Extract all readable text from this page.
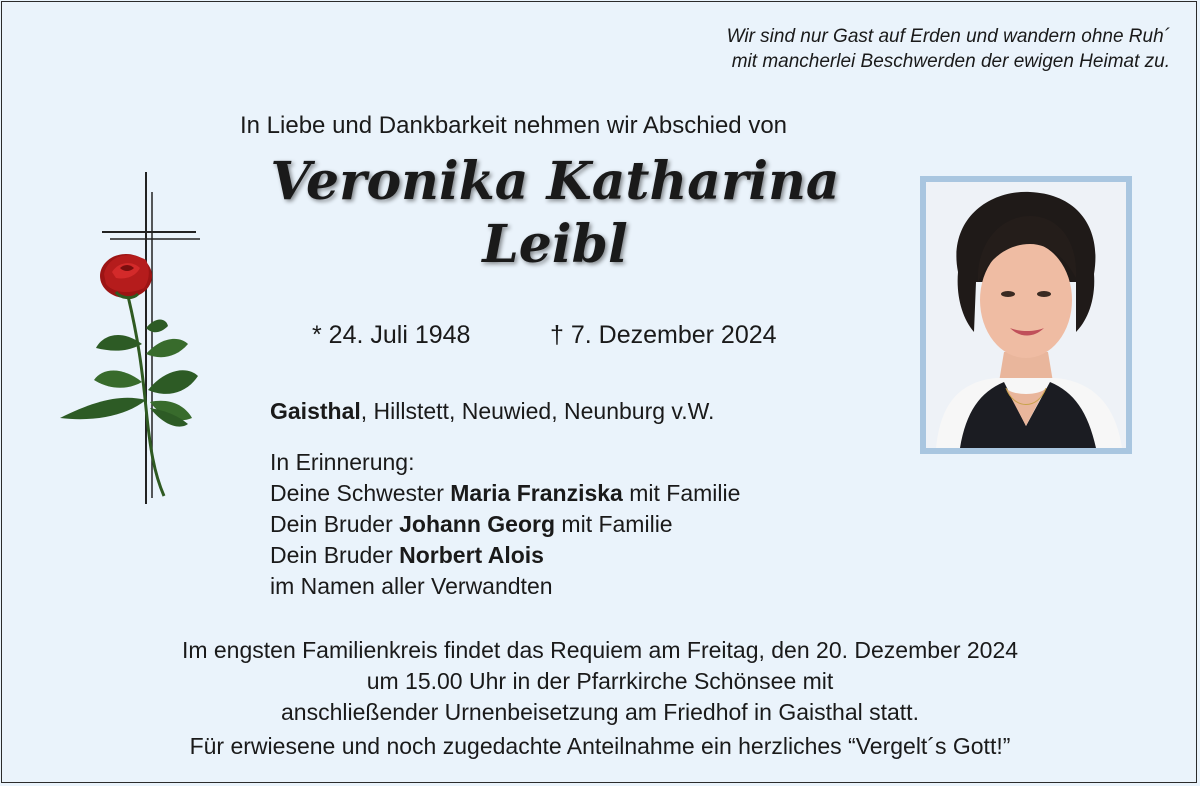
Wir sind nur Gast auf Erden und wandern ohne Ruh´
mit mancherlei Beschwerden der ewigen Heimat zu.
In Liebe und Dankbarkeit nehmen wir Abschied von
Veronika Katharina
Leibl
* 24. Juli 1948	† 7. Dezember 2024
Gaisthal, Hillstett, Neuwied, Neunburg v.W.
In Erinnerung:
Deine Schwester Maria Franziska mit Familie
Dein Bruder Johann Georg mit Familie
Dein Bruder Norbert Alois
im Namen aller Verwandten
Im engsten Familienkreis findet das Requiem am Freitag, den 20. Dezember 2024
um 15.00 Uhr in der Pfarrkirche Schönsee mit
anschließender Urnenbeisetzung am Friedhof in Gaisthal statt.
Für erwiesene und noch zugedachte Anteilnahme ein herzliches “Vergelt´s Gott!”
